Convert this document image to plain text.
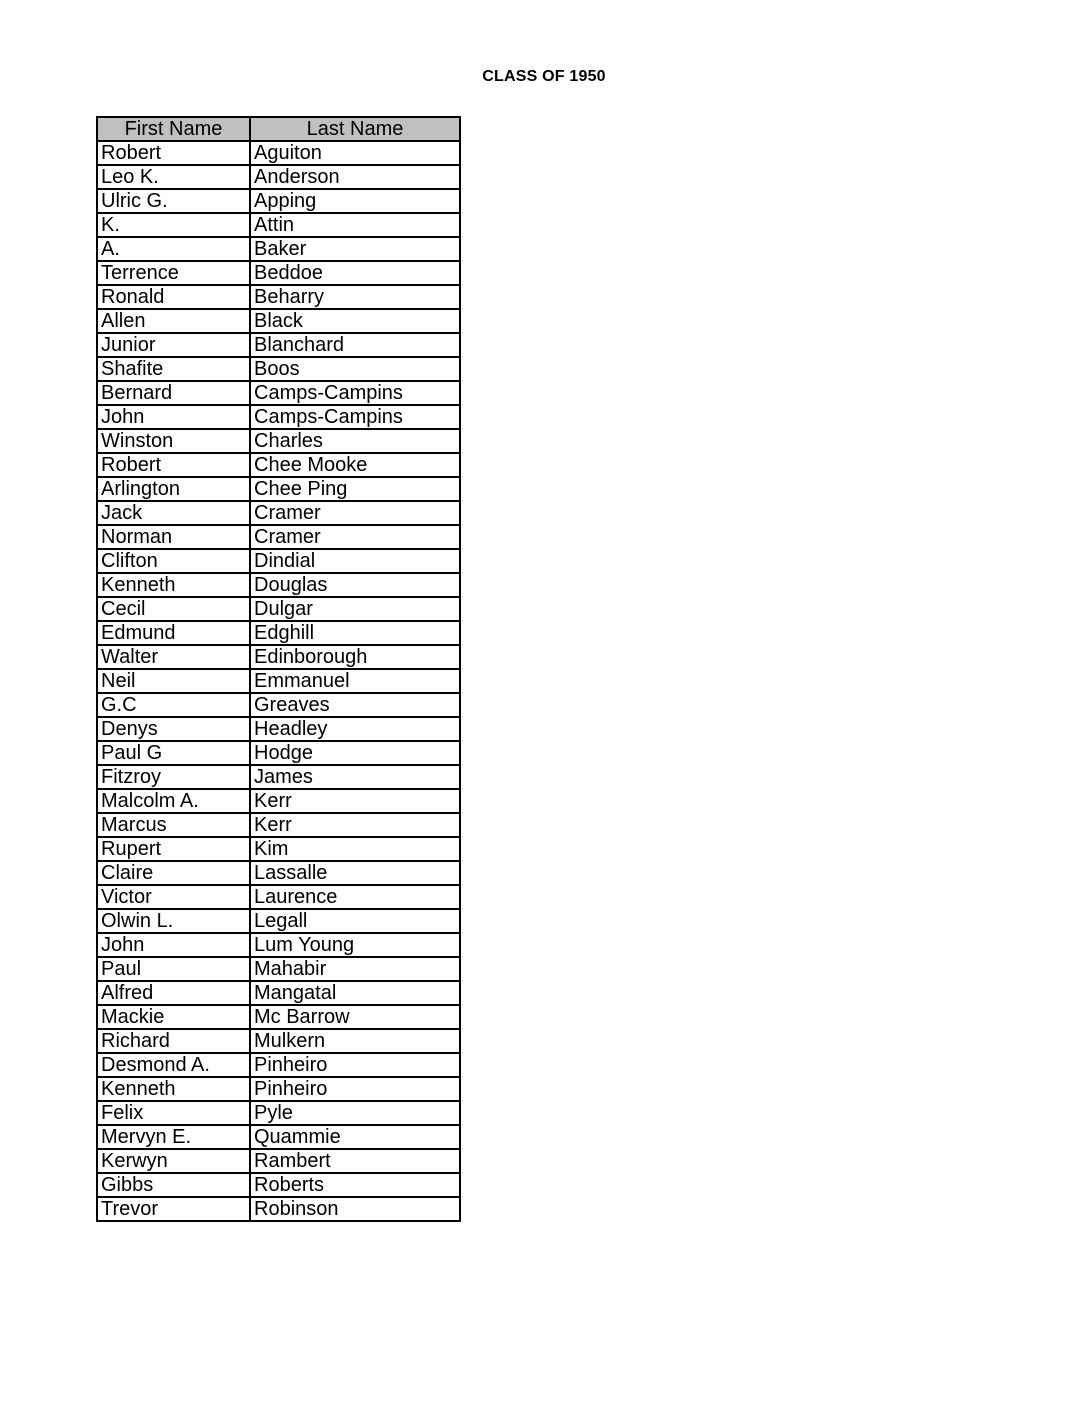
CLASS OF 1950
First Name	Last Name
Robert	Aguiton
Leo K.	Anderson
Ulric G.	Apping
K.	Attin
A.	Baker
Terrence	Beddoe
Ronald	Beharry
Allen	Black
Junior	Blanchard
Shafite	Boos
Bernard	Camps-Campins
John	Camps-Campins
Winston	Charles
Robert	Chee Mooke
Arlington	Chee Ping
Jack	Cramer
Norman	Cramer
Clifton	Dindial
Kenneth	Douglas
Cecil	Dulgar
Edmund	Edghill
Walter	Edinborough
Neil	Emmanuel
G.C	Greaves
Denys	Headley
Paul G	Hodge
Fitzroy	James
Malcolm A.	Kerr
Marcus	Kerr
Rupert	Kim
Claire	Lassalle
Victor	Laurence
Olwin L.	Legall
John	Lum Young
Paul	Mahabir
Alfred	Mangatal
Mackie	Mc Barrow
Richard	Mulkern
Desmond A.	Pinheiro
Kenneth	Pinheiro
Felix	Pyle
Mervyn E.	Quammie
Kerwyn	Rambert
Gibbs	Roberts
Trevor	Robinson
